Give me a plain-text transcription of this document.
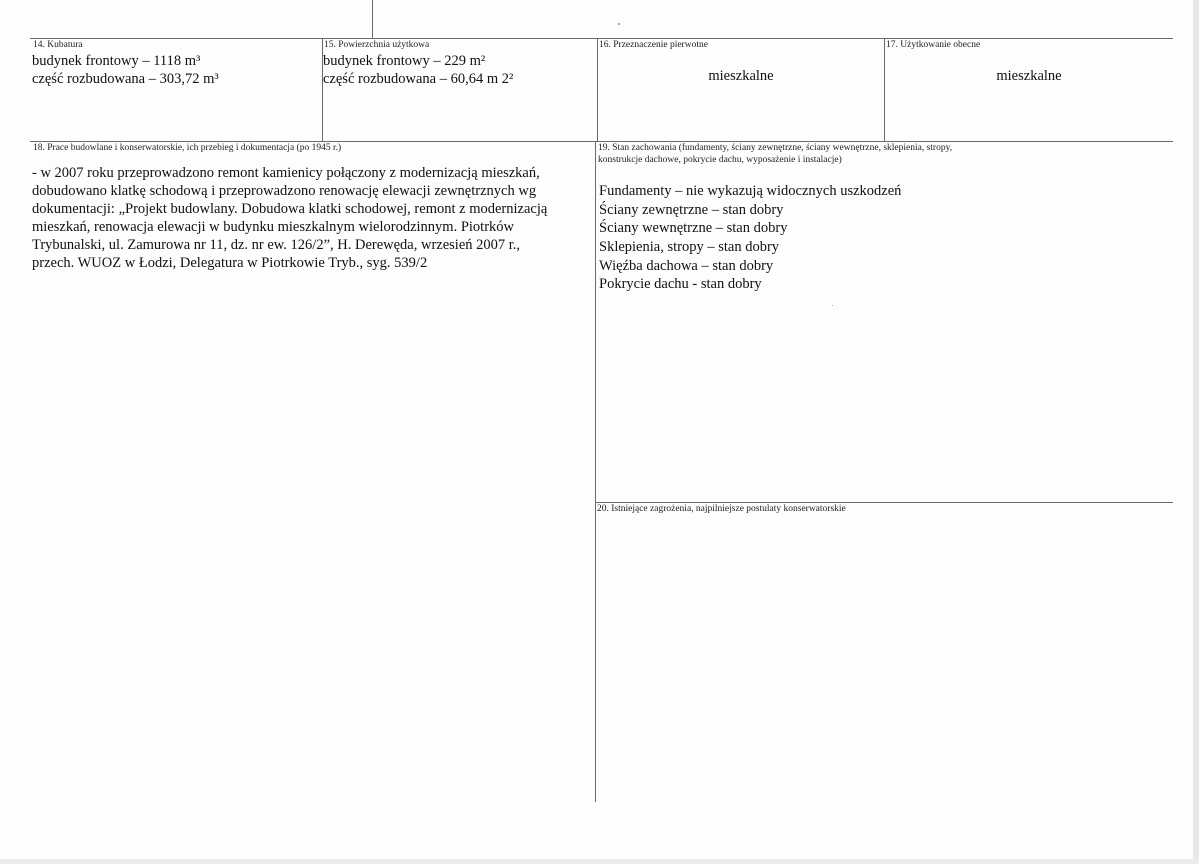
14. Kubatura
budynek frontowy – 1118 m³
część rozbudowana – 303,72 m³
15. Powierzchnia użytkowa
budynek frontowy – 229 m²
część rozbudowana – 60,64 m 2²
16. Przeznaczenie pierwotne
mieszkalne
17. Użytkowanie obecne
mieszkalne
18. Prace budowlane i konserwatorskie, ich przebieg i dokumentacja (po 1945 r.)
- w 2007 roku przeprowadzono remont kamienicy połączony z modernizacją mieszkań,
dobudowano klatkę schodową i przeprowadzono renowację elewacji zewnętrznych wg
dokumentacji: „Projekt budowlany. Dobudowa klatki schodowej, remont z modernizacją
mieszkań, renowacja elewacji w budynku mieszkalnym wielorodzinnym. Piotrków
Trybunalski, ul. Zamurowa nr 11, dz. nr ew. 126/2”, H. Derewęda, wrzesień 2007 r.,
przech. WUOZ w Łodzi, Delegatura w Piotrkowie Tryb., syg. 539/2
19. Stan zachowania (fundamenty, ściany zewnętrzne, ściany wewnętrzne, sklepienia, stropy,
konstrukcje dachowe, pokrycie dachu, wyposażenie i instalacje)
Fundamenty – nie wykazują widocznych uszkodzeń
Ściany zewnętrzne – stan dobry
Ściany wewnętrzne – stan dobry
Sklepienia, stropy – stan dobry
Więźba dachowa – stan dobry
Pokrycie dachu - stan dobry
20. Istniejące zagrożenia, najpilniejsze postulaty konserwatorskie
